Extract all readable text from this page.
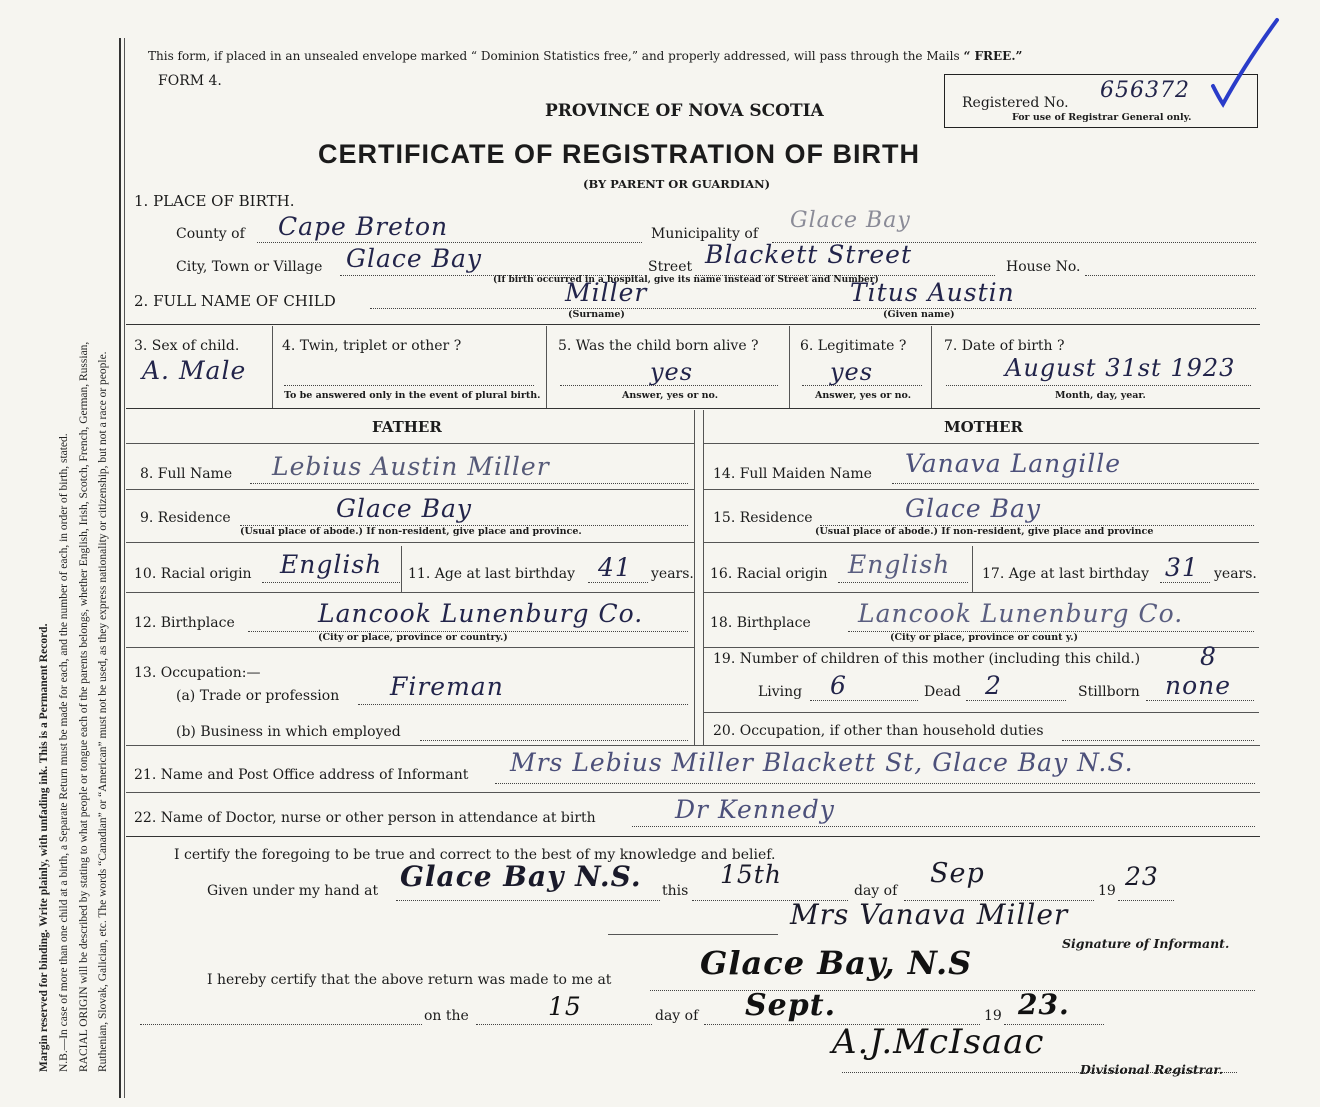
Margin reserved for binding. Write plainly, with unfading ink. This is a Permanent Record. N.B.—In case of more than one child at a birth, a Separate Return must be made for each, and the number of each, in order of birth, stated. RACIAL ORIGIN will be described by stating to what people or tongue each of the parents belongs, whether English, Irish, Scotch, French, German, Russian, Ruthenian, Slovak, Galician, etc. The words “Canadian” or “American” must not be used, as they express nationality or citizenship, but not a race or people.
This form, if placed in an unsealed envelope marked “ Dominion Statistics free,” and properly addressed, will pass through the Mails “ FREE.”
FORM 4.
PROVINCE OF NOVA SCOTIA
CERTIFICATE OF REGISTRATION OF BIRTH
(BY PARENT OR GUARDIAN)
Registered No. 656372
For use of Registrar General only.
1. PLACE OF BIRTH.
County of Cape Breton	Municipality of
Glace Bay
City, Town or Village Glace Bay	Street Blackett Street
(If birth occurred in a hospital, give its name instead of Street and Number)
House No.
2. FULL NAME OF CHILD	Miller
(Surname)
Titus Austin
(Given name)
3. Sex of child.
A. Male
4. Twin, triplet or other ?
To be answered only in the event of plural birth.
5. Was the child born alive ?
yes
Answer, yes or no.
6. Legitimate ?
yes
Answer, yes or no.
7. Date of birth ?
August 31st 1923
Month, day, year.
FATHER	MOTHER
8. Full Name Lebius Austin Miller	14. Full Maiden Name Vanava Langille
9. Residence	Glace Bay
(Usual place of abode.) If non-resident, give place and province.
15. Residence	Glace Bay
(Usual place of abode.) If non-resident, give place and province
10. Racial origin English 11. Age at last birthday 41 years. 16. Racial origin English 17. Age at last birthday 31 years.
12. Birthplace	Lancook Lunenburg Co.
(City or place, province or country.)
18. Birthplace Lancook Lunenburg Co.
(City or place, province or count y.)
13. Occupation:—
(a) Trade or profession Fireman
(b) Business in which employed
19. Number of children of this mother (including this child.) 8
Living 6	Dead 2	Stillborn none
20. Occupation, if other than household duties
21. Name and Post Office address of Informant Mrs Lebius Miller Blackett St, Glace Bay N.S.
22. Name of Doctor, nurse or other person in attendance at birth	Dr Kennedy
I certify the foregoing to be true and correct to the best of my knowledge and belief.
Given under my hand at Glace Bay N.S. this
15th
day of
Sep
19 23
Mrs Vanava Miller
Signature of Informant.
I hereby certify that the above return was made to me at	Glace Bay, N.S
on the	15	day of Sept.	19 23.
A.J.McIsaac
Divisional Registrar.
